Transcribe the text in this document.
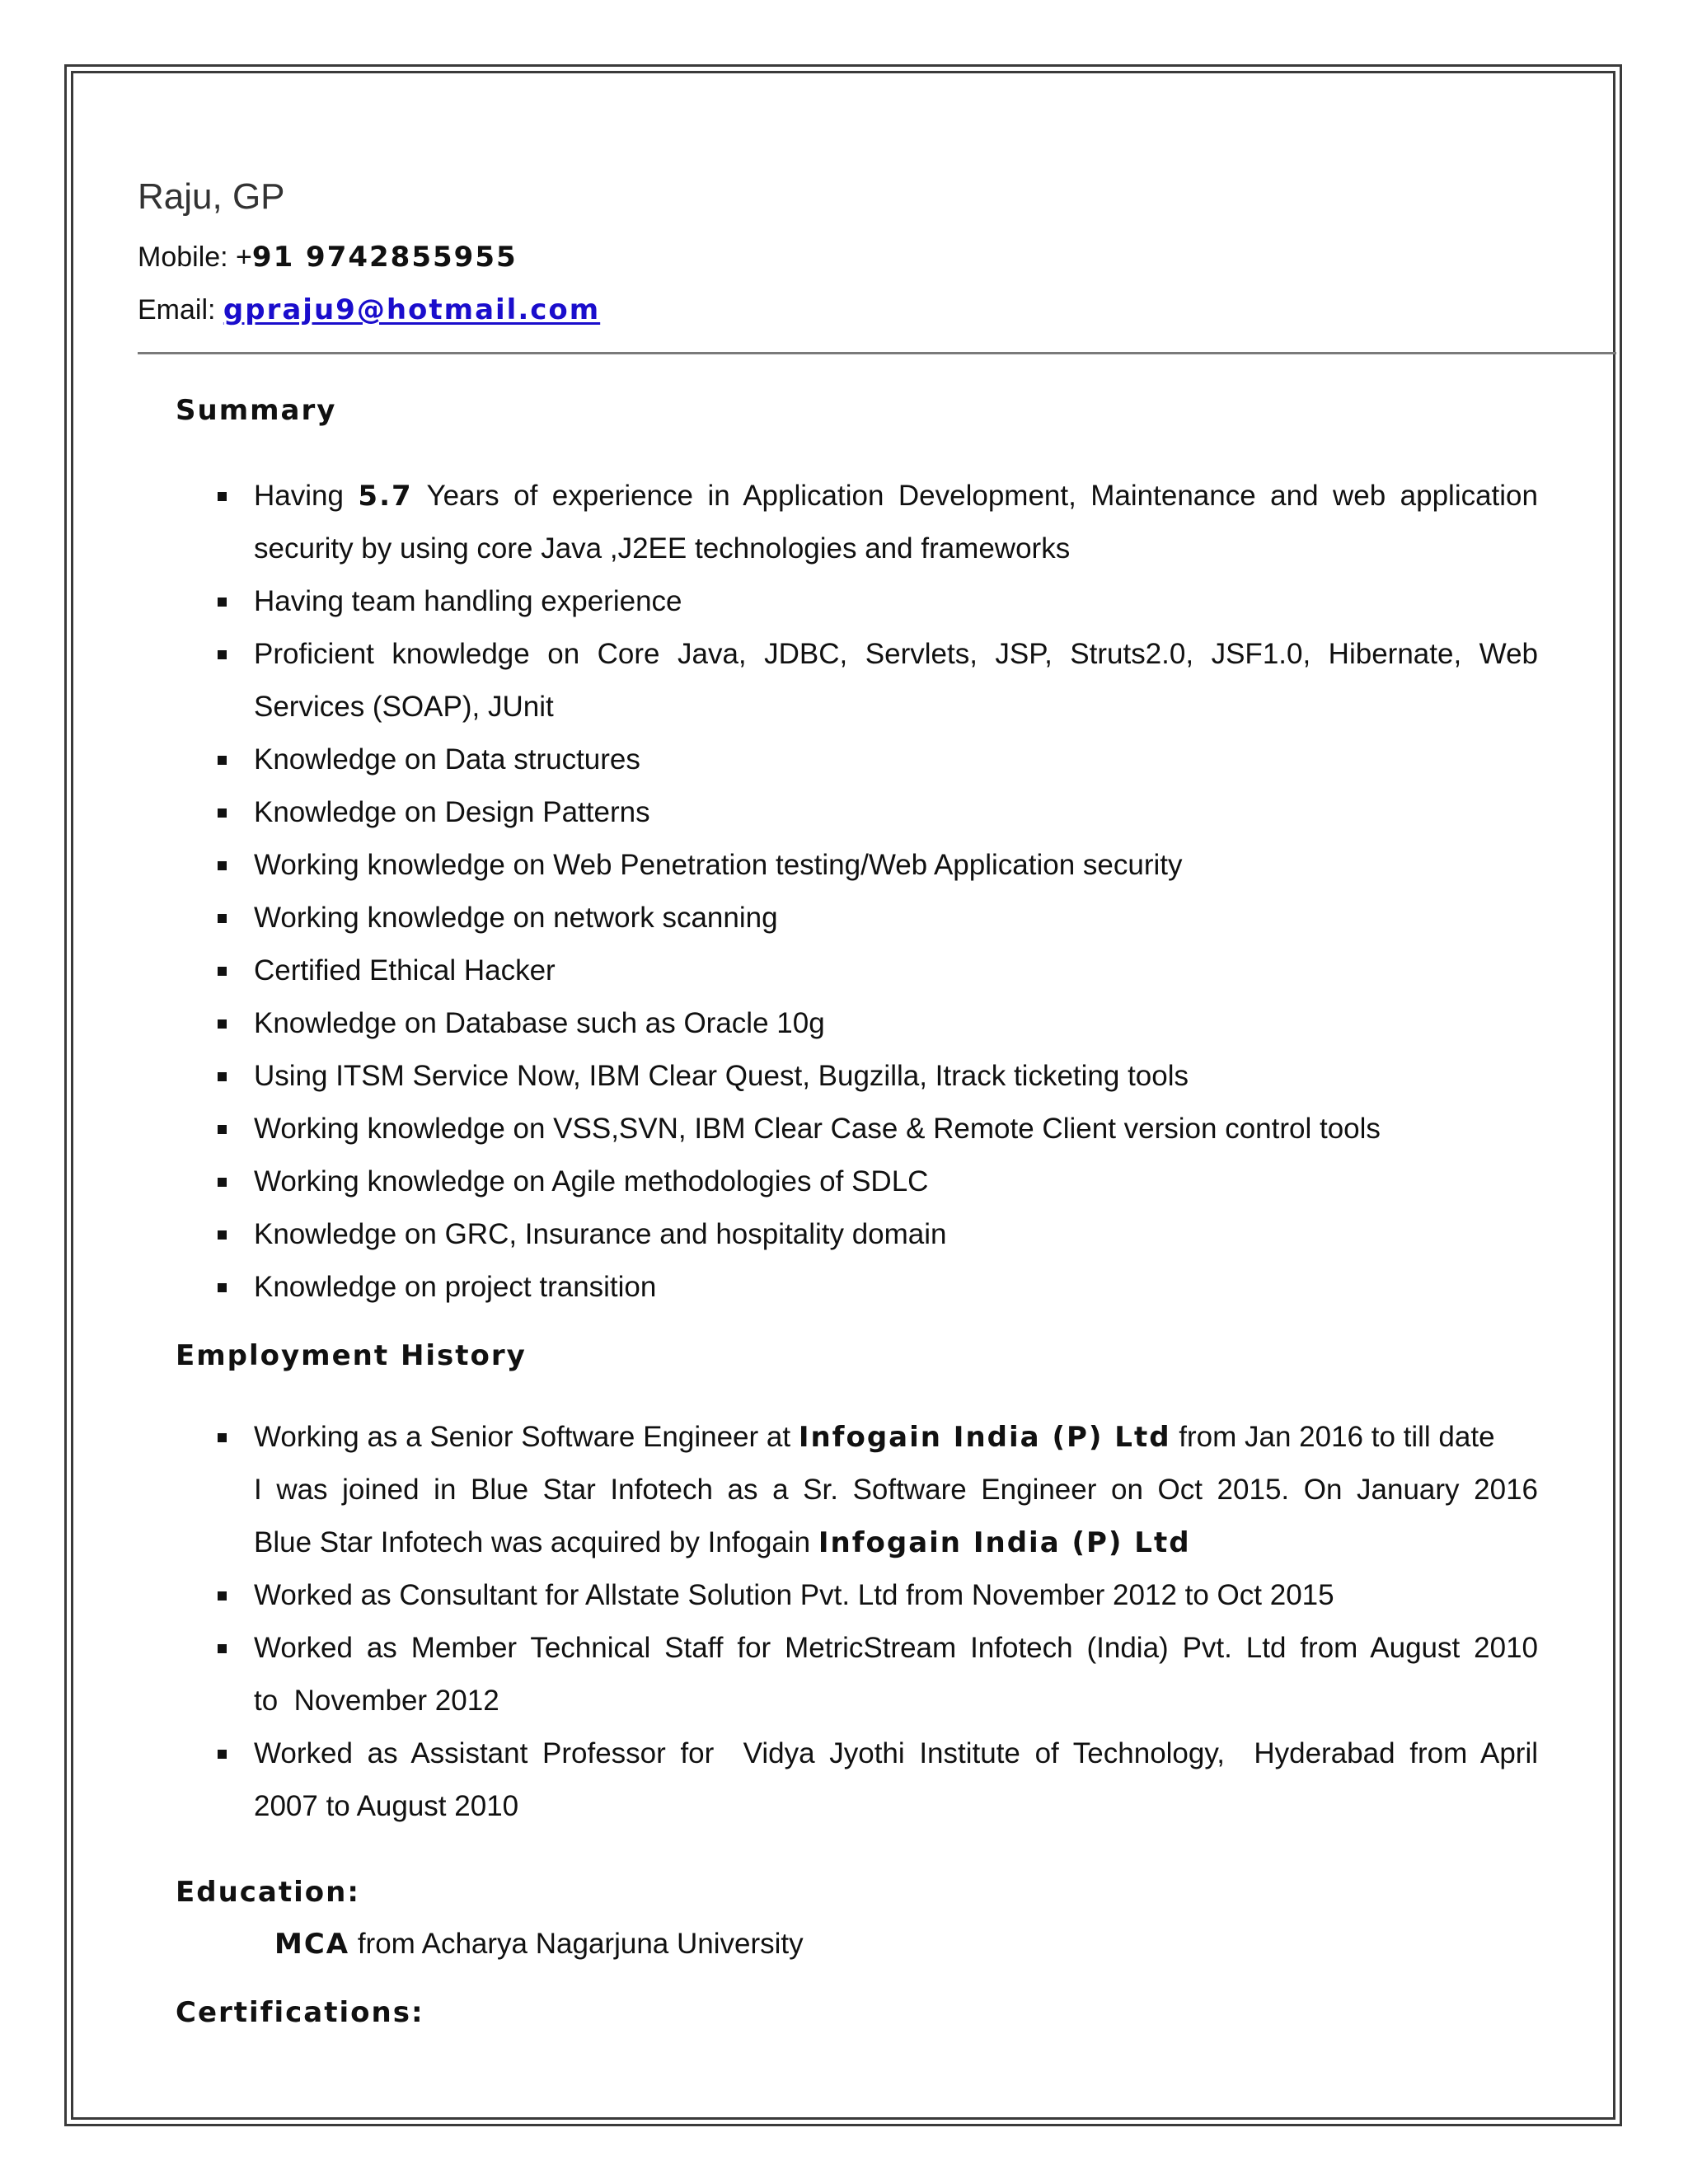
Raju, GP
Mobile: +91 9742855955
Email: gpraju9@hotmail.com
Summary
Having 5.7 Years of experience in Application Development, Maintenance and web application
security by using core Java ,J2EE technologies and frameworks
Having team handling experience
Proficient knowledge on Core Java, JDBC, Servlets, JSP, Struts2.0, JSF1.0, Hibernate, Web
Services (SOAP), JUnit
Knowledge on Data structures
Knowledge on Design Patterns
Working knowledge on Web Penetration testing/Web Application security
Working knowledge on network scanning
Certified Ethical Hacker
Knowledge on Database such as Oracle 10g
Using ITSM Service Now, IBM Clear Quest, Bugzilla, Itrack ticketing tools
Working knowledge on VSS,SVN, IBM Clear Case & Remote Client version control tools
Working knowledge on Agile methodologies of SDLC
Knowledge on GRC, Insurance and hospitality domain
Knowledge on project transition
Employment History
Working as a Senior Software Engineer at Infogain India (P) Ltd from Jan 2016 to till date
I was joined in Blue Star Infotech as a Sr. Software Engineer on Oct 2015. On January 2016
Blue Star Infotech was acquired by Infogain Infogain India (P) Ltd
Worked as Consultant for Allstate Solution Pvt. Ltd from November 2012 to Oct 2015
Worked as Member Technical Staff for MetricStream Infotech (India) Pvt. Ltd from August 2010
to  November 2012
Worked as Assistant Professor for  Vidya Jyothi Institute of Technology,  Hyderabad from April
2007 to August 2010
Education:
MCA from Acharya Nagarjuna University
Certifications:
